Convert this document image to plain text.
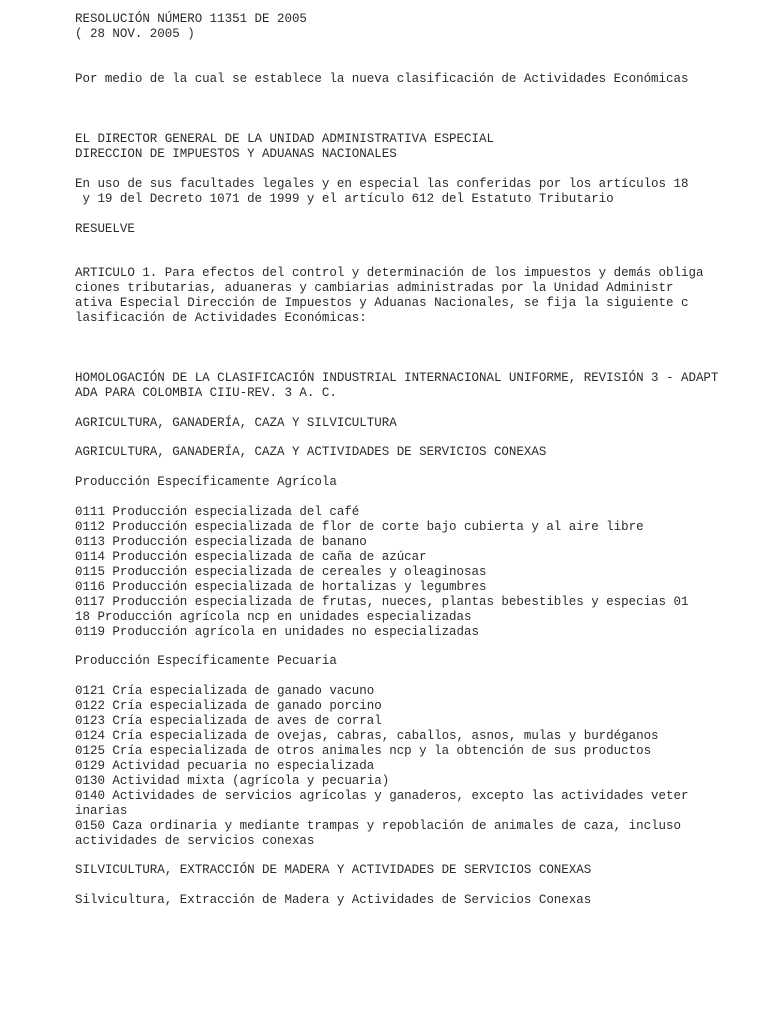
RESOLUCIÓN NÚMERO 11351 DE 2005
( 28 NOV. 2005 )
Por medio de la cual se establece la nueva clasificación de Actividades Económicas
EL DIRECTOR GENERAL DE LA UNIDAD ADMINISTRATIVA ESPECIAL
DIRECCION DE IMPUESTOS Y ADUANAS NACIONALES
En uso de sus facultades legales y en especial las conferidas por los artículos 18
y 19 del Decreto 1071 de 1999 y el artículo 612 del Estatuto Tributario
RESUELVE
ARTICULO 1. Para efectos del control y determinación de los impuestos y demás obliga
ciones tributarias, aduaneras y cambiarias administradas por la Unidad Administr
ativa Especial Dirección de Impuestos y Aduanas Nacionales, se fija la siguiente c
lasificación de Actividades Económicas:
HOMOLOGACIÓN DE LA CLASIFICACIÓN INDUSTRIAL INTERNACIONAL UNIFORME, REVISIÓN 3 - ADAPT
ADA PARA COLOMBIA CIIU-REV. 3 A. C.
AGRICULTURA, GANADERÍA, CAZA Y SILVICULTURA
AGRICULTURA, GANADERÍA, CAZA Y ACTIVIDADES DE SERVICIOS CONEXAS
Producción Específicamente Agrícola
0111 Producción especializada del café
0112 Producción especializada de flor de corte bajo cubierta y al aire libre
0113 Producción especializada de banano
0114 Producción especializada de caña de azúcar
0115 Producción especializada de cereales y oleaginosas
0116 Producción especializada de hortalizas y legumbres
0117 Producción especializada de frutas, nueces, plantas bebestibles y especias 01
18 Producción agrícola ncp en unidades especializadas
0119 Producción agrícola en unidades no especializadas
Producción Específicamente Pecuaria
0121 Cría especializada de ganado vacuno
0122 Cría especializada de ganado porcino
0123 Cría especializada de aves de corral
0124 Cría especializada de ovejas, cabras, caballos, asnos, mulas y burdéganos
0125 Cría especializada de otros animales ncp y la obtención de sus productos
0129 Actividad pecuaria no especializada
0130 Actividad mixta (agrícola y pecuaria)
0140 Actividades de servicios agrícolas y ganaderos, excepto las actividades veter
inarias
0150 Caza ordinaria y mediante trampas y repoblación de animales de caza, incluso
actividades de servicios conexas
SILVICULTURA, EXTRACCIÓN DE MADERA Y ACTIVIDADES DE SERVICIOS CONEXAS
Silvicultura, Extracción de Madera y Actividades de Servicios Conexas
